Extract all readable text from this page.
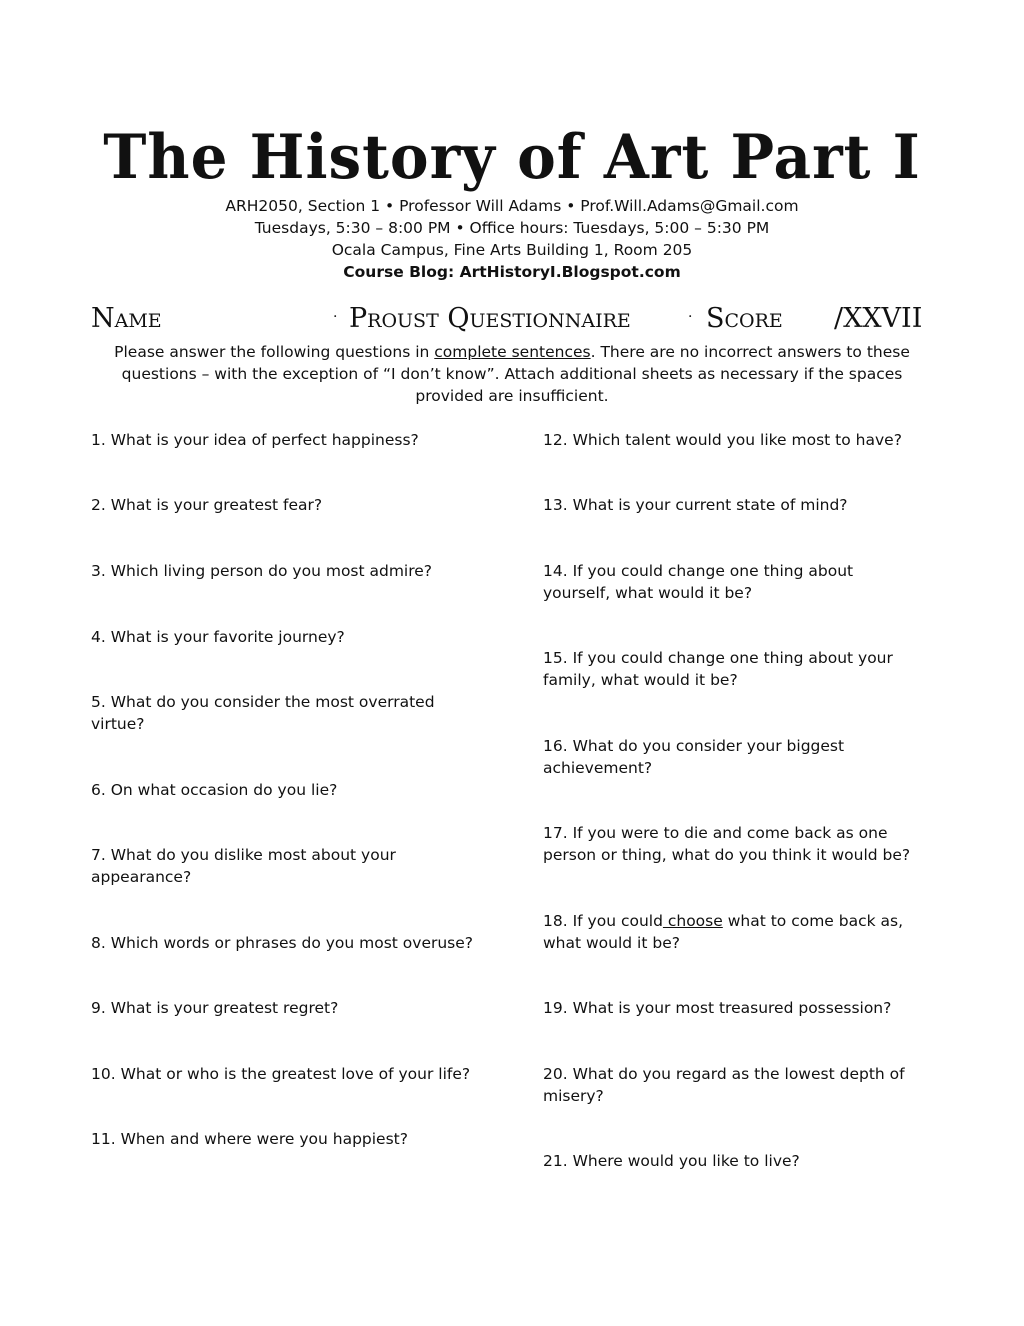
The History of Art Part I
ARH2050, Section 1 • Professor Will Adams • Prof.Will.Adams@Gmail.com
Tuesdays, 5:30 – 8:00 PM • Office hours: Tuesdays, 5:00 – 5:30 PM
Ocala Campus, Fine Arts Building 1, Room 205
Course Blog: ArtHistoryI.Blogspot.com
Name	· Proust Questionnaire	· Score /XXVII
Please answer the following questions in complete sentences. There are no incorrect answers to these questions – with the exception of “I don’t know”. Attach additional sheets as necessary if the spaces provided are insufficient.

1. What is your idea of perfect happiness?

2. What is your greatest fear?

3. Which living person do you most admire?

4. What is your favorite journey?

5. What do you consider the most overrated virtue?

6. On what occasion do you lie?

7. What do you dislike most about your appearance?

8. Which words or phrases do you most overuse?

9. What is your greatest regret?

10. What or who is the greatest love of your life?

11. When and where were you happiest?

12. Which talent would you like most to have?

13. What is your current state of mind?

14. If you could change one thing about yourself, what would it be?

15. If you could change one thing about your family, what would it be?

16. What do you consider your biggest achievement?

17. If you were to die and come back as one person or thing, what do you think it would be?

18. If you could choose what to come back as, what would it be?

19. What is your most treasured possession?

20. What do you regard as the lowest depth of misery?

21. Where would you like to live?
